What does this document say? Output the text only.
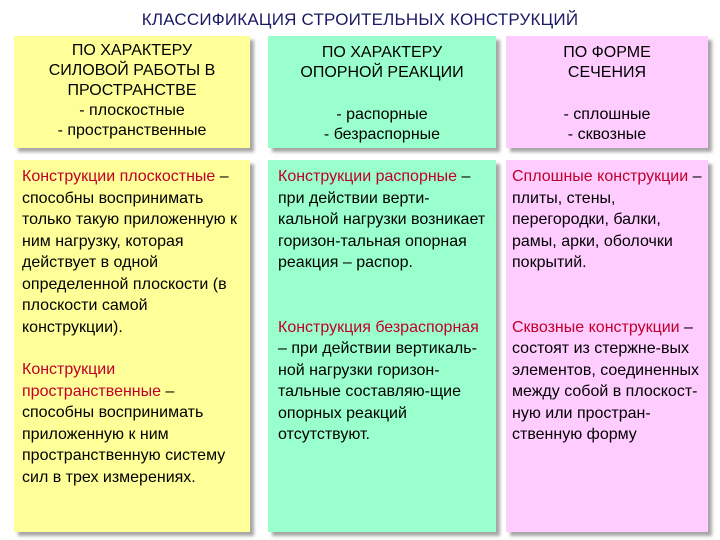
КЛАССИФИКАЦИЯ СТРОИТЕЛЬНЫХ КОНСТРУКЦИЙ
ПО ХАРАКТЕРУ
СИЛОВОЙ РАБОТЫ В
ПРОСТРАНСТВЕ
- плоскостные
- пространственные
ПО ХАРАКТЕРУ
ОПОРНОЙ РЕАКЦИИ
- распорные
- безраспорные
ПО ФОРМЕ
СЕЧЕНИЯ
- сплошные
- сквозные

Конструкции плоскостные –способны воспринимать только такую приложенную к ним нагрузку, которая действует в одной определенной плоскости (в плоскости самой конструкции).

Конструкции пространственные – способны воспринимать приложенную к ним пространственную систему сил в трех измерениях.

Конструкции распорные – при действии верти-кальной нагрузки возникает горизон-тальная опорная реакция – распор.

Конструкция безраспорная – при действии вертикаль-ной нагрузки горизон-тальные составляю-щие опорных реакций отсутствуют.

Сплошные конструкции – плиты, стены, перегородки, балки, рамы, арки, оболочки покрытий.

Сквозные конструкции – состоят из стержне-вых элементов, соединенных между собой в плоскост-ную или простран-ственную форму
